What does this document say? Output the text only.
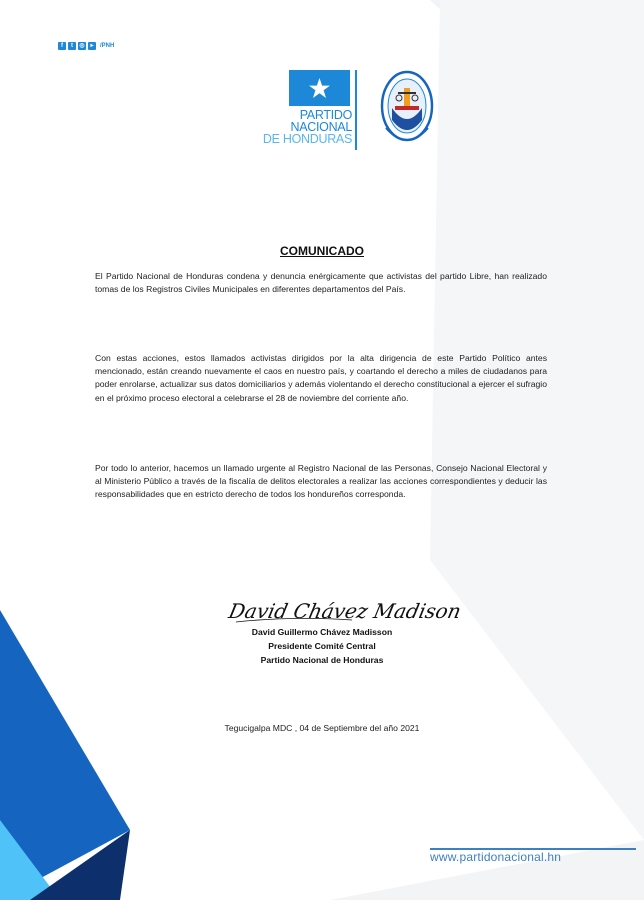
f	t	◎ ▸	/PNH
PARTIDO
NACIONAL
DE HONDURAS
COMUNICADO

El Partido Nacional de Honduras condena y denuncia enérgicamente que activistas del partido Libre, han realizado tomas de los Registros Civiles Municipales en diferentes departamentos del País.

Con estas acciones, estos llamados activistas dirigidos por la alta dirigencia de este Partido Político antes mencionado, están creando nuevamente el caos en nuestro país, y coartando el derecho a miles de ciudadanos para poder enrolarse, actualizar sus datos domiciliarios y además violentando el derecho constitucional a ejercer el sufragio en el próximo proceso electoral a celebrarse el 28 de noviembre del corriente año.

Por todo lo anterior, hacemos un llamado urgente al Registro Nacional de las Personas, Consejo Nacional Electoral y al Ministerio Público a través de la fiscalía de delitos electorales a realizar las acciones correspondientes y deducir las responsabilidades que en estricto derecho de todos los hondureños corresponda.

David Chávez Madison

David Guillermo Chávez Madisson

Presidente Comité Central

Partido Nacional de Honduras

Tegucigalpa MDC , 04 de Septiembre del año 2021
www.partidonacional.hn
